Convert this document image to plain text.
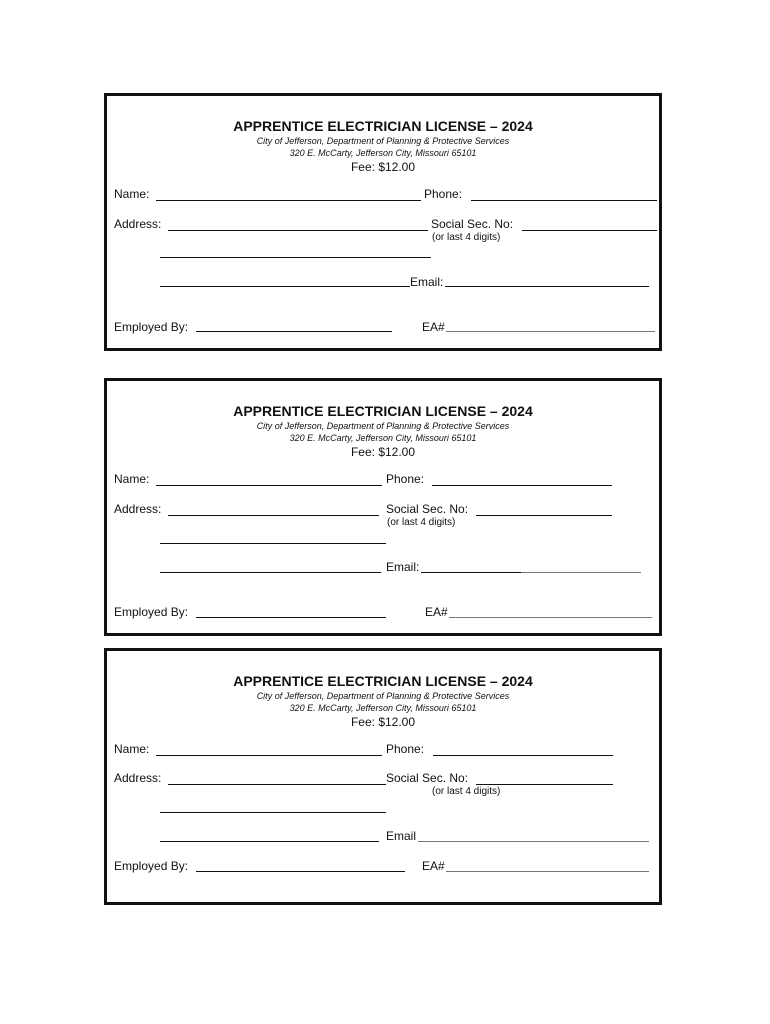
APPRENTICE ELECTRICIAN LICENSE – 2024
City of Jefferson, Department of Planning & Protective Services
320 E. McCarty, Jefferson City, Missouri 65101
Fee: $12.00
Name:	Phone:
Address:	Social Sec. No:
(or last 4 digits)
Email:
Employed By:	EA#
APPRENTICE ELECTRICIAN LICENSE – 2024
City of Jefferson, Department of Planning & Protective Services
320 E. McCarty, Jefferson City, Missouri 65101
Fee: $12.00
Name:	Phone:
Address:	Social Sec. No:
(or last 4 digits)
Email:
Employed By:	EA#
APPRENTICE ELECTRICIAN LICENSE – 2024
City of Jefferson, Department of Planning & Protective Services
320 E. McCarty, Jefferson City, Missouri 65101
Fee: $12.00
Name:	Phone:
Address:	Social Sec. No:
(or last 4 digits)
Email
Employed By:	EA#
